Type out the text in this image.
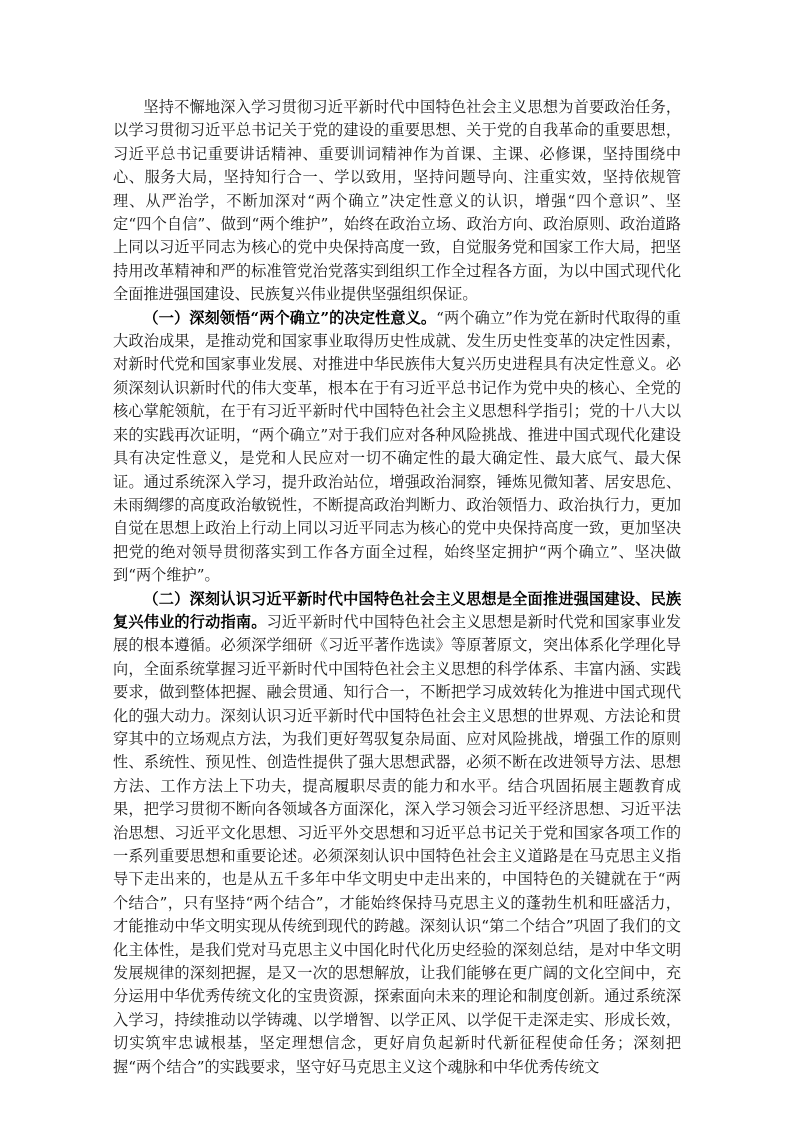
坚持不懈地深入学习贯彻习近平新时代中国特色社会主义思想为首要政治任务，以学习贯彻习近平总书记关于党的建设的重要思想、关于党的自我革命的重要思想，习近平总书记重要讲话精神、重要训词精神作为首课、主课、必修课，坚持围绕中心、服务大局，坚持知行合一、学以致用，坚持问题导向、注重实效，坚持依规管理、从严治学，不断加深对“两个确立”决定性意义的认识，增强“四个意识”、坚定“四个自信”、做到“两个维护”，始终在政治立场、政治方向、政治原则、政治道路上同以习近平同志为核心的党中央保持高度一致，自觉服务党和国家工作大局，把坚持用改革精神和严的标准管党治党落实到组织工作全过程各方面，为以中国式现代化全面推进强国建设、民族复兴伟业提供坚强组织保证。

（一）深刻领悟“两个确立”的决定性意义。“两个确立”作为党在新时代取得的重大政治成果，是推动党和国家事业取得历史性成就、发生历史性变革的决定性因素，对新时代党和国家事业发展、对推进中华民族伟大复兴历史进程具有决定性意义。必须深刻认识新时代的伟大变革，根本在于有习近平总书记作为党中央的核心、全党的核心掌舵领航，在于有习近平新时代中国特色社会主义思想科学指引；党的十八大以来的实践再次证明，“两个确立”对于我们应对各种风险挑战、推进中国式现代化建设具有决定性意义，是党和人民应对一切不确定性的最大确定性、最大底气、最大保证。通过系统深入学习，提升政治站位，增强政治洞察，锤炼见微知著、居安思危、未雨绸缪的高度政治敏锐性，不断提高政治判断力、政治领悟力、政治执行力，更加自觉在思想上政治上行动上同以习近平同志为核心的党中央保持高度一致，更加坚决把党的绝对领导贯彻落实到工作各方面全过程，始终坚定拥护“两个确立”、坚决做到“两个维护”。

（二）深刻认识习近平新时代中国特色社会主义思想是全面推进强国建设、民族复兴伟业的行动指南。习近平新时代中国特色社会主义思想是新时代党和国家事业发展的根本遵循。必须深学细研《习近平著作选读》等原著原文，突出体系化学理化导向，全面系统掌握习近平新时代中国特色社会主义思想的科学体系、丰富内涵、实践要求，做到整体把握、融会贯通、知行合一，不断把学习成效转化为推进中国式现代化的强大动力。深刻认识习近平新时代中国特色社会主义思想的世界观、方法论和贯穿其中的立场观点方法，为我们更好驾驭复杂局面、应对风险挑战，增强工作的原则性、系统性、预见性、创造性提供了强大思想武器，必须不断在改进领导方法、思想方法、工作方法上下功夫，提高履职尽责的能力和水平。结合巩固拓展主题教育成果，把学习贯彻不断向各领域各方面深化，深入学习领会习近平经济思想、习近平法治思想、习近平文化思想、习近平外交思想和习近平总书记关于党和国家各项工作的一系列重要思想和重要论述。必须深刻认识中国特色社会主义道路是在马克思主义指导下走出来的，也是从五千多年中华文明史中走出来的，中国特色的关键就在于“两个结合”，只有坚持“两个结合”，才能始终保持马克思主义的蓬勃生机和旺盛活力，才能推动中华文明实现从传统到现代的跨越。深刻认识“第二个结合”巩固了我们的文化主体性，是我们党对马克思主义中国化时代化历史经验的深刻总结，是对中华文明发展规律的深刻把握，是又一次的思想解放，让我们能够在更广阔的文化空间中，充分运用中华优秀传统文化的宝贵资源，探索面向未来的理论和制度创新。通过系统深入学习，持续推动以学铸魂、以学增智、以学正风、以学促干走深走实、形成长效，切实筑牢忠诚根基，坚定理想信念，更好肩负起新时代新征程使命任务；深刻把握“两个结合”的实践要求，坚守好马克思主义这个魂脉和中华优秀传统文
